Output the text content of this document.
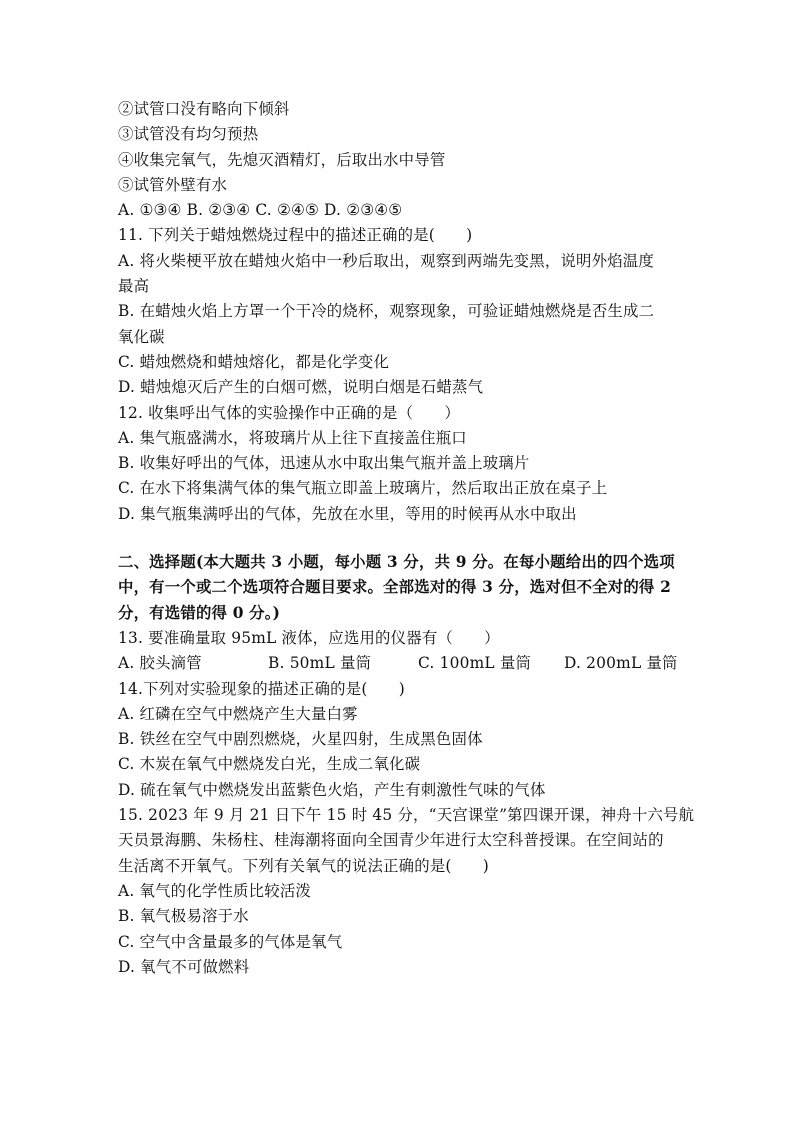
②试管口没有略向下倾斜
③试管没有均匀预热
④收集完氧气，先熄灭酒精灯，后取出水中导管
⑤试管外壁有水
A. ①③④ B. ②③④ C. ②④⑤ D. ②③④⑤
11. 下列关于蜡烛燃烧过程中的描述正确的是(　　)
A. 将火柴梗平放在蜡烛火焰中一秒后取出，观察到两端先变黑，说明外焰温度
最高
B. 在蜡烛火焰上方罩一个干冷的烧杯，观察现象，可验证蜡烛燃烧是否生成二
氧化碳
C. 蜡烛燃烧和蜡烛熔化，都是化学变化
D. 蜡烛熄灭后产生的白烟可燃，说明白烟是石蜡蒸气
12. 收集呼出气体的实验操作中正确的是（　　）
A. 集气瓶盛满水，将玻璃片从上往下直接盖住瓶口
B. 收集好呼出的气体，迅速从水中取出集气瓶并盖上玻璃片
C. 在水下将集满气体的集气瓶立即盖上玻璃片，然后取出正放在桌子上
D. 集气瓶集满呼出的气体，先放在水里，等用的时候再从水中取出
二、选择题(本大题共 3 小题，每小题 3 分，共 9 分。在每小题给出的四个选项
中，有一个或二个选项符合题目要求。全部选对的得 3 分，选对但不全对的得 2
分，有选错的得 0 分。)
13. 要准确量取 95mL 液体，应选用的仪器有（　　）
A. 胶头滴管	B. 50mL 量筒	C. 100mL 量筒	D. 200mL 量筒
14.下列对实验现象的描述正确的是(　　)
A. 红磷在空气中燃烧产生大量白雾
B. 铁丝在空气中剧烈燃烧，火星四射，生成黑色固体
C. 木炭在氧气中燃烧发白光，生成二氧化碳
D. 硫在氧气中燃烧发出蓝紫色火焰，产生有刺激性气味的气体
15. 2023 年 9 月 21 日下午 15 时 45 分，“天宫课堂”第四课开课，神舟十六号航
天员景海鹏、朱杨柱、桂海潮将面向全国青少年进行太空科普授课。在空间站的
生活离不开氧气。下列有关氧气的说法正确的是(　　)
A. 氧气的化学性质比较活泼
B. 氧气极易溶于水
C. 空气中含量最多的气体是氧气
D. 氧气不可做燃料
